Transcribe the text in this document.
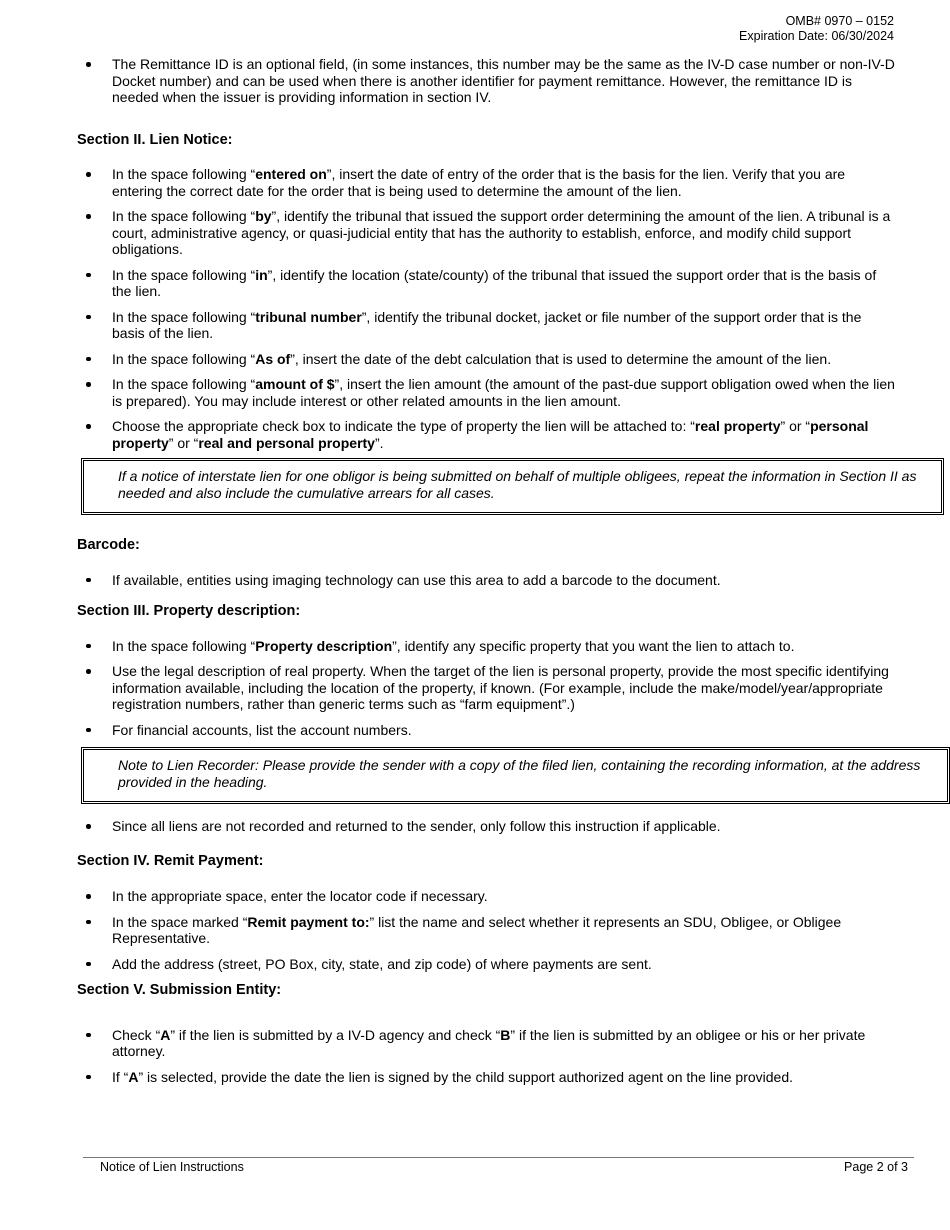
OMB# 0970 – 0152
Expiration Date: 06/30/2024
The Remittance ID is an optional field, (in some instances, this number may be the same as the IV-D case number or non-IV-D Docket number) and can be used when there is another identifier for payment remittance. However, the remittance ID is needed when the issuer is providing information in section IV.
Section II. Lien Notice:
In the space following “entered on”, insert the date of entry of the order that is the basis for the lien. Verify that you are entering the correct date for the order that is being used to determine the amount of the lien.
In the space following “by”, identify the tribunal that issued the support order determining the amount of the lien. A tribunal is a court, administrative agency, or quasi-judicial entity that has the authority to establish, enforce, and modify child support obligations.
In the space following “in”, identify the location (state/county) of the tribunal that issued the support order that is the basis of the lien.
In the space following “tribunal number”, identify the tribunal docket, jacket or file number of the support order that is the basis of the lien.
In the space following “As of”, insert the date of the debt calculation that is used to determine the amount of the lien.
In the space following “amount of $”, insert the lien amount (the amount of the past-due support obligation owed when the lien is prepared). You may include interest or other related amounts in the lien amount.
Choose the appropriate check box to indicate the type of property the lien will be attached to: “real property” or “personal property” or “real and personal property”.
If a notice of interstate lien for one obligor is being submitted on behalf of multiple obligees, repeat the information in Section II as needed and also include the cumulative arrears for all cases.
Barcode:
If available, entities using imaging technology can use this area to add a barcode to the document.
Section III. Property description:
In the space following “Property description”, identify any specific property that you want the lien to attach to.
Use the legal description of real property. When the target of the lien is personal property, provide the most specific identifying information available, including the location of the property, if known. (For example, include the make/model/year/appropriate registration numbers, rather than generic terms such as “farm equipment”.)
For financial accounts, list the account numbers.
Note to Lien Recorder: Please provide the sender with a copy of the filed lien, containing the recording information, at the address provided in the heading.
Since all liens are not recorded and returned to the sender, only follow this instruction if applicable.
Section IV. Remit Payment:
In the appropriate space, enter the locator code if necessary.
In the space marked “Remit payment to:” list the name and select whether it represents an SDU, Obligee, or Obligee Representative.
Add the address (street, PO Box, city, state, and zip code) of where payments are sent.
Section V. Submission Entity:
Check “A” if the lien is submitted by a IV-D agency and check “B” if the lien is submitted by an obligee or his or her private attorney.
If “A” is selected, provide the date the lien is signed by the child support authorized agent on the line provided.
Notice of Lien Instructions	Page 2 of 3
